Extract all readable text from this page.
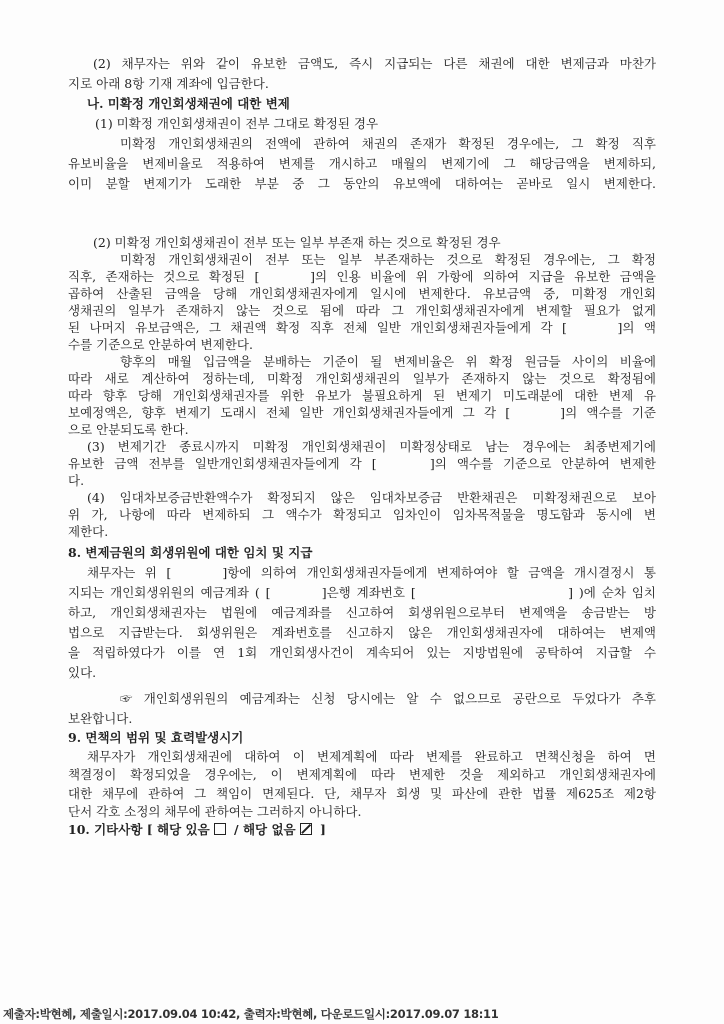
(2) 채무자는 위와 같이 유보한 금액도, 즉시 지급되는 다른 채권에 대한 변제금과 마찬가
지로 아래 8항 기재 계좌에 입금한다.
나. 미확정 개인회생채권에 대한 변제
(1) 미확정 개인회생채권이 전부 그대로 확정된 경우
미확정 개인회생채권의 전액에 관하여 채권의 존재가 확정된 경우에는, 그 확정 직후
유보비율을 변제비율로 적용하여 변제를 개시하고 매월의 변제기에 그 해당금액을 변제하되,
이미 분할 변제기가 도래한 부분 중 그 동안의 유보액에 대하여는 곧바로 일시 변제한다.
(2) 미확정 개인회생채권이 전부 또는 일부 부존재 하는 것으로 확정된 경우
미확정 개인회생채권이 전부 또는 일부 부존재하는 것으로 확정된 경우에는, 그 확정
직후, 존재하는 것으로 확정된 [　　 ]의 인용 비율에 위 가항에 의하여 지급을 유보한 금액을
곱하여 산출된 금액을 당해 개인회생채권자에게 일시에 변제한다. 유보금액 중, 미확정 개인회
생채권의 일부가 존재하지 않는 것으로 됨에 따라 그 개인회생채권자에게 변제할 필요가 없게
된 나머지 유보금액은, 그 채권액 확정 직후 전체 일반 개인회생채권자들에게 각 [　　 ]의 액
수를 기준으로 안분하여 변제한다.
향후의 매월 입금액을 분배하는 기준이 될 변제비율은 위 확정 원금들 사이의 비율에
따라 새로 계산하여 정하는데, 미확정 개인회생채권의 일부가 존재하지 않는 것으로 확정됨에
따라 향후 당해 개인회생채권자를 위한 유보가 불필요하게 된 변제기 미도래분에 대한 변제 유
보예정액은, 향후 변제기 도래시 전체 일반 개인회생채권자들에게 그 각 [　　 ]의 액수를 기준
으로 안분되도록 한다.
(3) 변제기간 종료시까지 미확정 개인회생채권이 미확정상태로 남는 경우에는 최종변제기에
유보한 금액 전부를 일반개인회생채권자들에게 각 [　　 ]의 액수를 기준으로 안분하여 변제한
다.
(4) 임대차보증금반환액수가 확정되지 않은 임대차보증금 반환채권은 미확정채권으로 보아
위 가, 나항에 따라 변제하되 그 액수가 확정되고 임차인이 임차목적물을 명도함과 동시에 변
제한다.
8. 변제금원의 회생위원에 대한 임치 및 지급
채무자는 위 [　　 ]항에 의하여 개인회생채권자들에게 변제하여야 할 금액을 개시결정시 통
지되는 개인회생위원의 예금계좌 ( [　　　 ]은행 계좌번호 [　　　　　　　　　　 ] )에 순차 임치
하고, 개인회생채권자는 법원에 예금계좌를 신고하여 회생위원으로부터 변제액을 송금받는 방
법으로 지급받는다. 회생위원은 계좌번호를 신고하지 않은 개인회생채권자에 대하여는 변제액
을 적립하였다가 이를 연 1회 개인회생사건이 계속되어 있는 지방법원에 공탁하여 지급할 수
있다.
☞ 개인회생위원의 예금계좌는 신청 당시에는 알 수 없으므로 공란으로 두었다가 추후
보완합니다.
9. 면책의 범위 및 효력발생시기
채무자가 개인회생채권에 대하여 이 변제계획에 따라 변제를 완료하고 면책신청을 하여 면
책결정이 확정되었을 경우에는, 이 변제계획에 따라 변제한 것을 제외하고 개인회생채권자에
대한 채무에 관하여 그 책임이 면제된다. 단, 채무자 회생 및 파산에 관한 법률 제625조 제2항
단서 각호 소정의 채무에 관하여는 그러하지 아니하다.
10. 기타사항 [ 해당 있음 / 해당 없음 ]
제출자:박현혜, 제출일시:2017.09.04 10:42, 출력자:박현혜, 다운로드일시:2017.09.07 18:11
